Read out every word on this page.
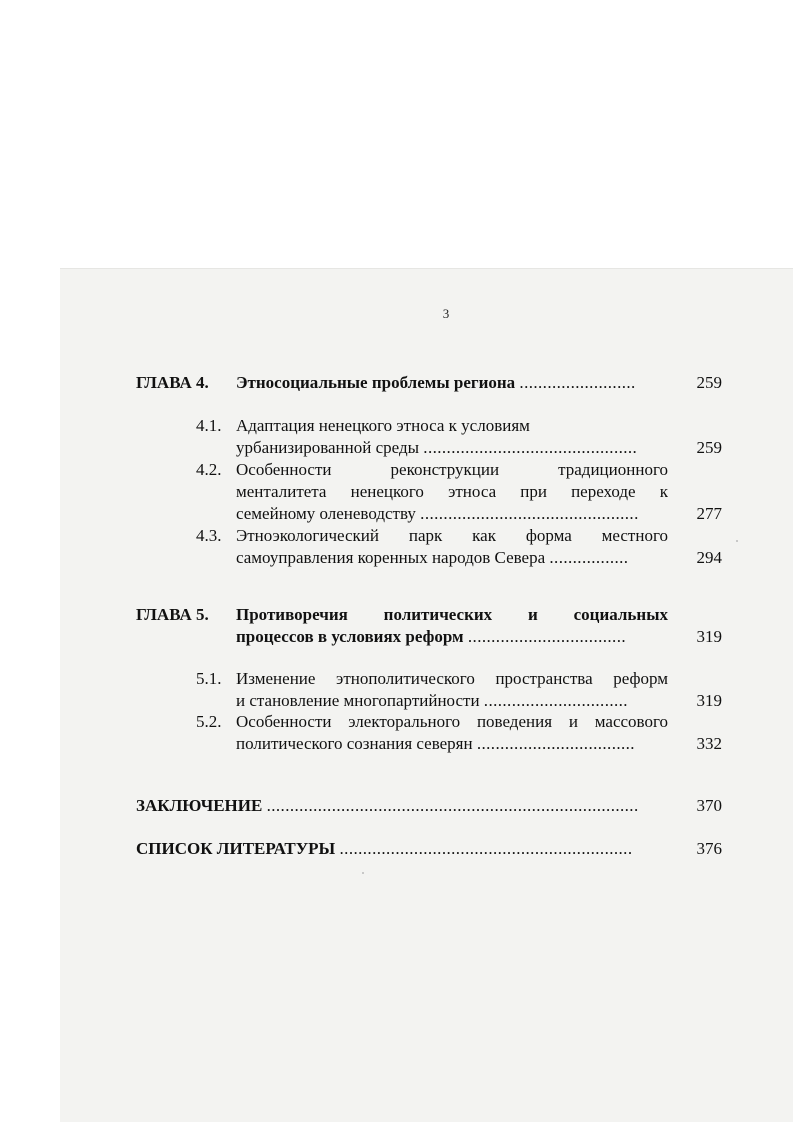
3
ГЛАВА 4. Этносоциальные проблемы региона .........................	259
4.1. Адаптация ненецкого этноса к условиям
урбанизированной среды ..............................................	259
4.2. Особенности реконструкции традиционного
менталитета ненецкого этноса при переходе к
семейному оленеводству ...............................................	277
4.3. Этноэкологический парк как форма местного
самоуправления коренных народов Севера .................	294
ГЛАВА 5. Противоречия политических и социальных
процессов в условиях реформ ..................................	319
5.1. Изменение этнополитического пространства реформ
и становление многопартийности ...............................	319
5.2. Особенности электорального поведения и массового
политического сознания северян ..................................	332
ЗАКЛЮЧЕНИЕ ................................................................................	370
СПИСОК ЛИТЕРАТУРЫ ...............................................................	376
